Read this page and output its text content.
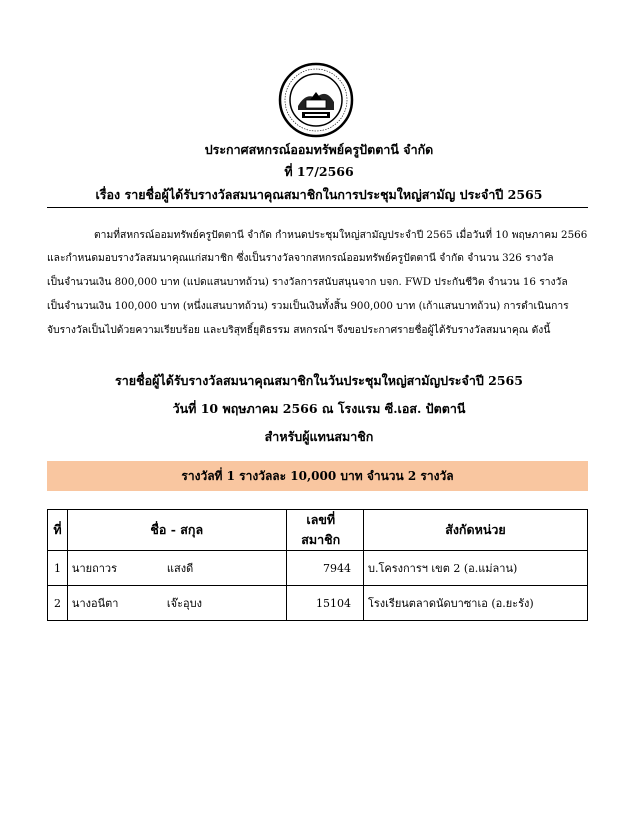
ประกาศสหกรณ์ออมทรัพย์ครูปัตตานี จำกัด
ที่ 17/2566
เรื่อง รายชื่อผู้ได้รับรางวัลสมนาคุณสมาชิกในการประชุมใหญ่สามัญ ประจำปี 2565
ตามที่สหกรณ์ออมทรัพย์ครูปัตตานี จำกัด กำหนดประชุมใหญ่สามัญประจำปี 2565 เมื่อวันที่ 10 พฤษภาคม 2566
และกำหนดมอบรางวัลสมนาคุณแก่สมาชิก ซึ่งเป็นรางวัลจากสหกรณ์ออมทรัพย์ครูปัตตานี จำกัด จำนวน 326 รางวัล
เป็นจำนวนเงิน 800,000 บาท (แปดแสนบาทถ้วน) รางวัลการสนับสนุนจาก บจก. FWD ประกันชีวิต จำนวน 16 รางวัล
เป็นจำนวนเงิน 100,000 บาท (หนึ่งแสนบาทถ้วน) รวมเป็นเงินทั้งสิ้น 900,000 บาท (เก้าแสนบาทถ้วน) การดำเนินการ
จับรางวัลเป็นไปด้วยความเรียบร้อย และบริสุทธิ์ยุติธรรม สหกรณ์ฯ จึงขอประกาศรายชื่อผู้ได้รับรางวัลสมนาคุณ ดังนี้
รายชื่อผู้ได้รับรางวัลสมนาคุณสมาชิกในวันประชุมใหญ่สามัญประจำปี 2565
วันที่ 10 พฤษภาคม 2566 ณ โรงแรม ซี.เอส. ปัตตานี
สำหรับผู้แทนสมาชิก
รางวัลที่ 1 รางวัลละ 10,000 บาท จำนวน 2 รางวัล
ที่	ชื่อ - สกุล	เลขที่สมาชิก	สังกัดหน่วย
1	นายถาวร แสงดี	7944	บ.โครงการฯ เขต 2 (อ.แม่ลาน)
2	นางอนีตา เจ๊ะอุบง	15104	โรงเรียนตลาดนัดบาซาเอ (อ.ยะรัง)
